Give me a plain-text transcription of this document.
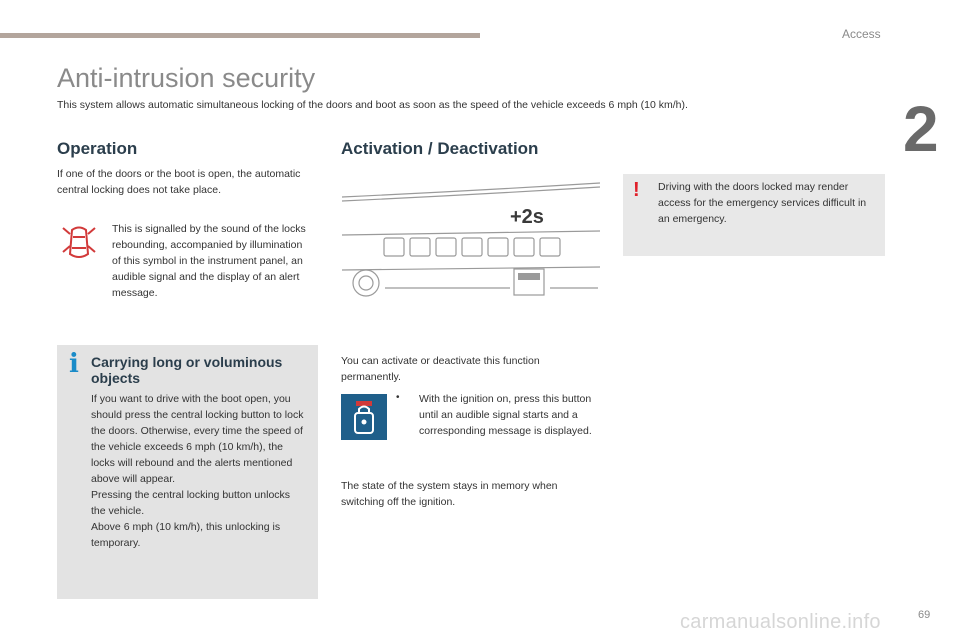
Access
2
Anti-intrusion security
This system allows automatic simultaneous locking of the doors and boot as soon as the speed of the vehicle exceeds 6 mph (10 km/h).
Operation

If one of the doors or the boot is open, the automatic central locking does not take place.

This is signalled by the sound of the locks rebounding, accompanied by illumination of this symbol in the instrument panel, an audible signal and the display of an alert message.

i Carrying long or voluminous objects

If you want to drive with the boot open, you should press the central locking button to lock the doors. Otherwise, every time the speed of the vehicle exceeds 6 mph (10 km/h), the locks will rebound and the alerts mentioned above will appear.
Pressing the central locking button unlocks the vehicle.
Above 6 mph (10 km/h), this unlocking is temporary.

Activation / Deactivation
+2s
! Driving with the doors locked may render access for the emergency services difficult in an emergency.

You can activate or deactivate this function permanently.

• With the ignition on, press this button until an audible signal starts and a corresponding message is displayed.

The state of the system stays in memory when switching off the ignition.

69
carmanualsonline.info
